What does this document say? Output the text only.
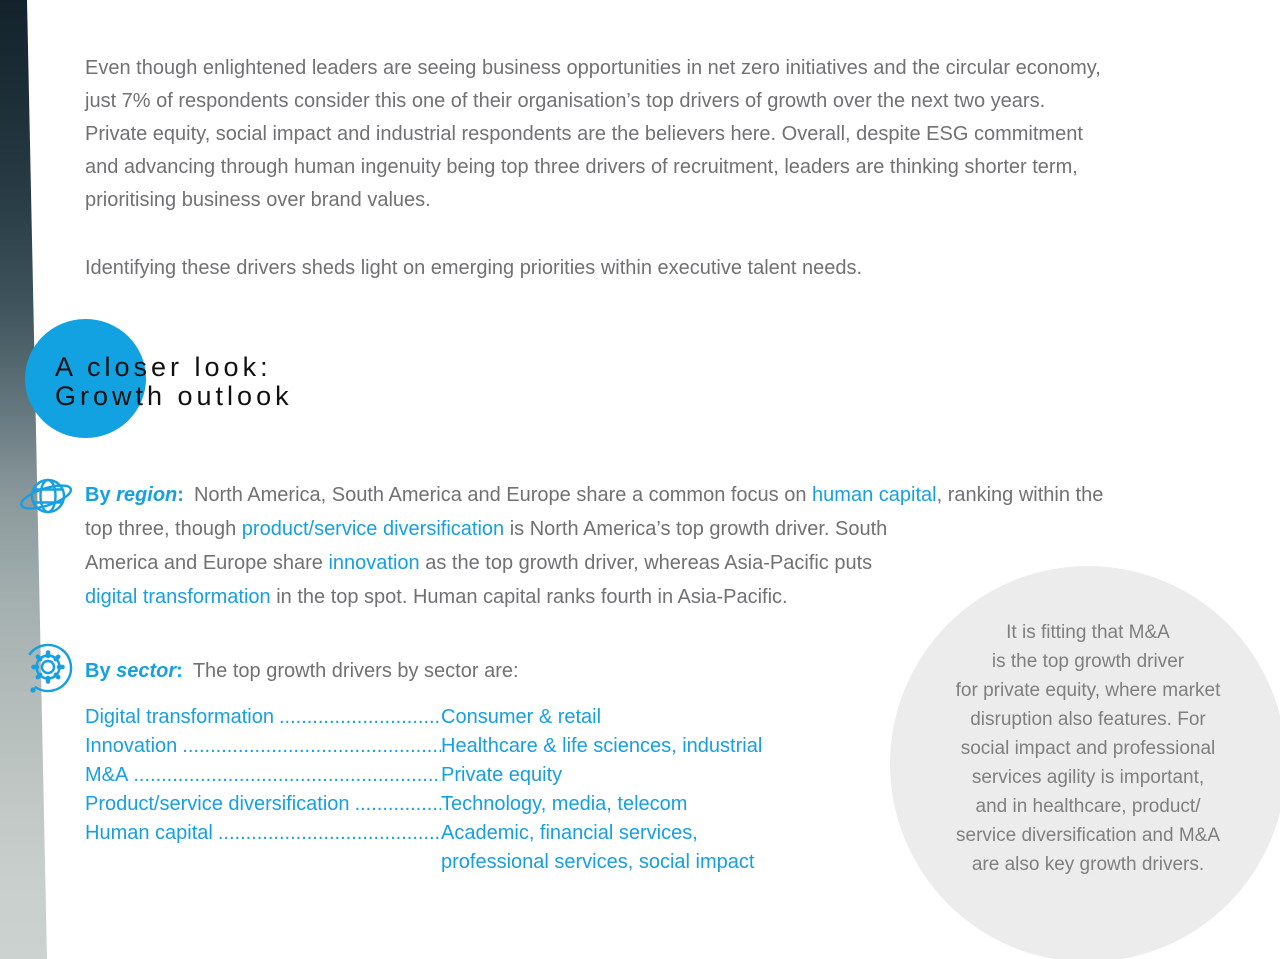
Even though enlightened leaders are seeing business opportunities in net zero initiatives and the circular economy,
just 7% of respondents consider this one of their organisation’s top drivers of growth over the next two years.
Private equity, social impact and industrial respondents are the believers here. Overall, despite ESG commitment
and advancing through human ingenuity being top three drivers of recruitment, leaders are thinking shorter term,
prioritising business over brand values.
Identifying these drivers sheds light on emerging priorities within executive talent needs.
A closer look:
Growth outlook
By region: North America, South America and Europe share a common focus on human capital, ranking within the
top three, though product/service diversification is North America’s top growth driver. South
America and Europe share innovation as the top growth driver, whereas Asia-Pacific puts
digital transformation in the top spot. Human capital ranks fourth in Asia-Pacific.
By sector: The top growth drivers by sector are:
Digital transformation .....	Consumer & retail
Innovation .....	Healthcare & life sciences, industrial
M&A .....	Private equity
Product/service diversification .....	Technology, media, telecom
Human capital .....	Academic, financial services, professional services, social impact
It is fitting that M&A
is the top growth driver
for private equity, where market
disruption also features. For
social impact and professional
services agility is important,
and in healthcare, product/
service diversification and M&A
are also key growth drivers.
